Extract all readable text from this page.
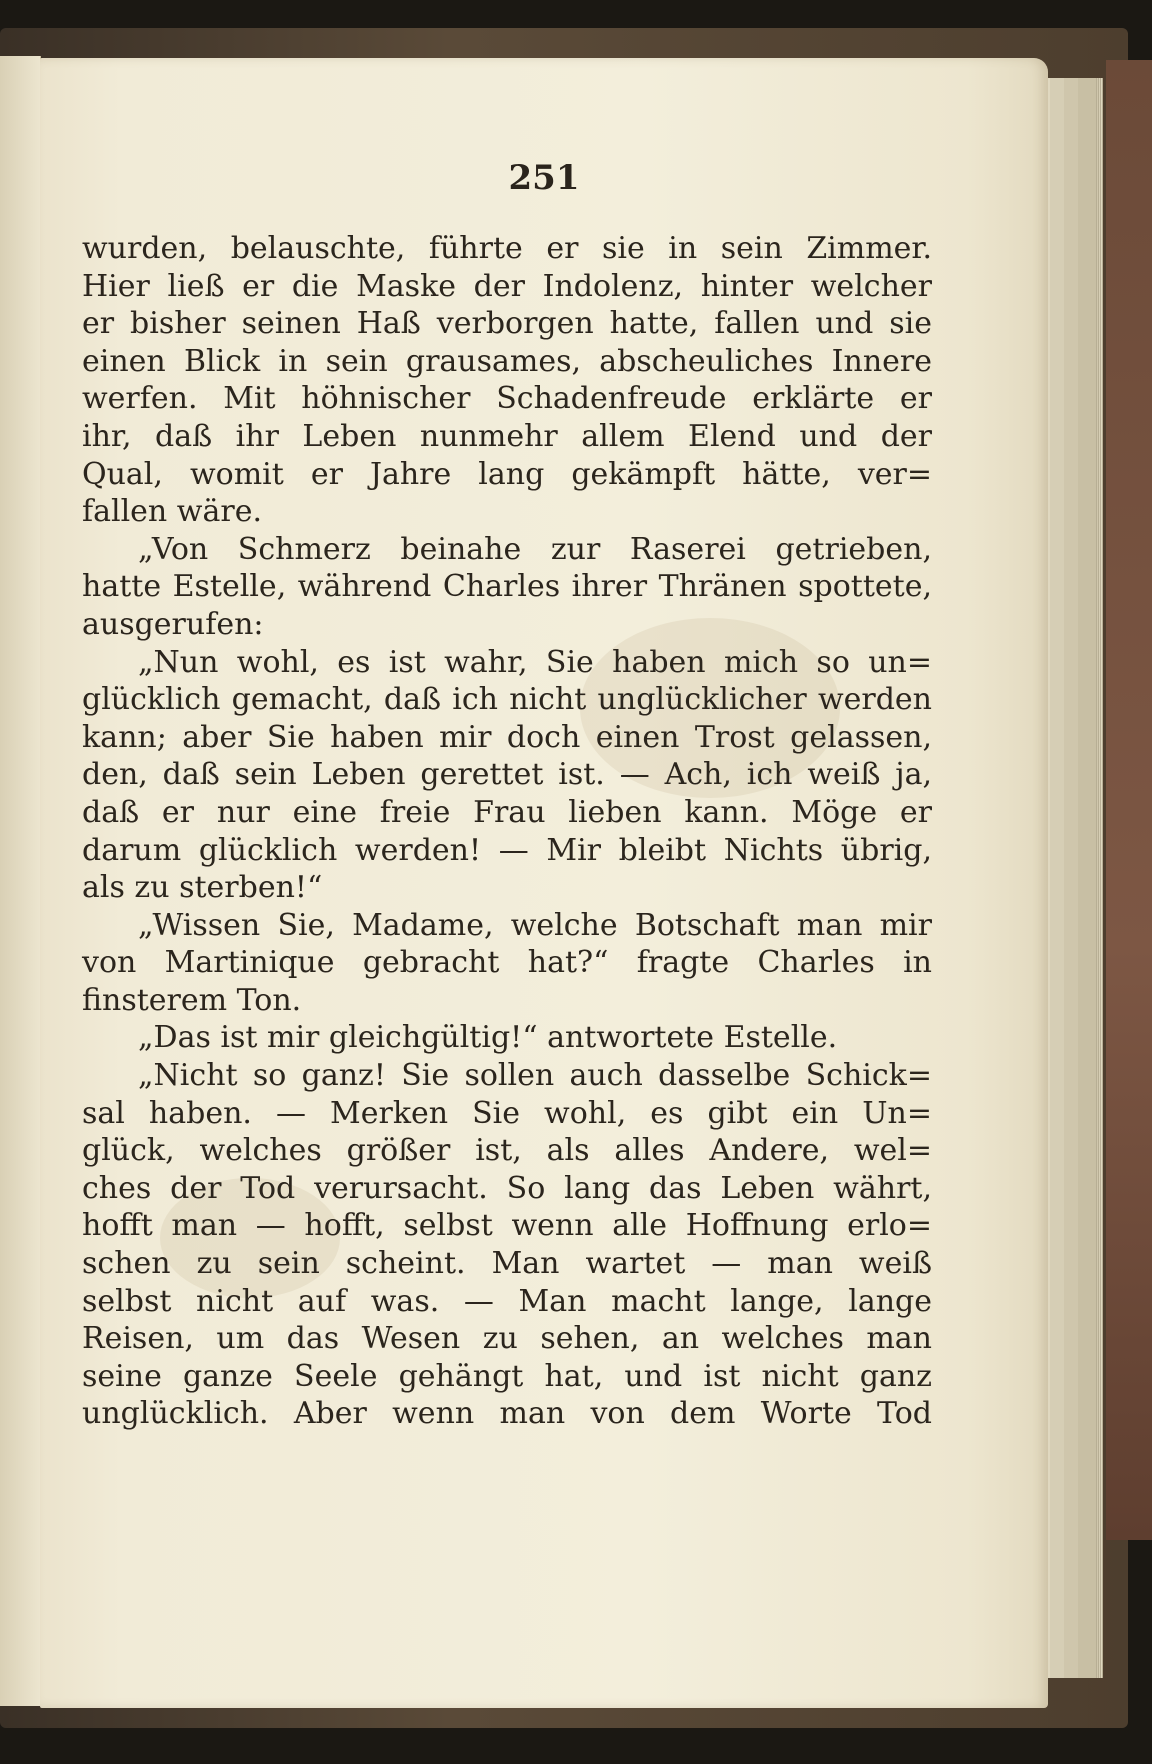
251
wurden, belauschte, führte er sie in sein Zimmer.
Hier ließ er die Maske der Indolenz, hinter welcher
er bisher seinen Haß verborgen hatte, fallen und sie
einen Blick in sein grausames, abscheuliches Innere
werfen. Mit höhnischer Schadenfreude erklärte er
ihr, daß ihr Leben nunmehr allem Elend und der
Qual, womit er Jahre lang gekämpft hätte, ver=
fallen wäre.
„Von Schmerz beinahe zur Raserei getrieben,
hatte Estelle, während Charles ihrer Thränen spottete,
ausgerufen:
„Nun wohl, es ist wahr, Sie haben mich so un=
glücklich gemacht, daß ich nicht unglücklicher werden
kann; aber Sie haben mir doch einen Trost gelassen,
den, daß sein Leben gerettet ist. — Ach, ich weiß ja,
daß er nur eine freie Frau lieben kann. Möge er
darum glücklich werden! — Mir bleibt Nichts übrig,
als zu sterben!“
„Wissen Sie, Madame, welche Botschaft man mir
von Martinique gebracht hat?“ fragte Charles in
finsterem Ton.
„Das ist mir gleichgültig!“ antwortete Estelle.
„Nicht so ganz! Sie sollen auch dasselbe Schick=
sal haben. — Merken Sie wohl, es gibt ein Un=
glück, welches größer ist, als alles Andere, wel=
ches der Tod verursacht. So lang das Leben währt,
hofft man — hofft, selbst wenn alle Hoffnung erlo=
schen zu sein scheint. Man wartet — man weiß
selbst nicht auf was. — Man macht lange, lange
Reisen, um das Wesen zu sehen, an welches man
seine ganze Seele gehängt hat, und ist nicht ganz
unglücklich. Aber wenn man von dem Worte Tod
